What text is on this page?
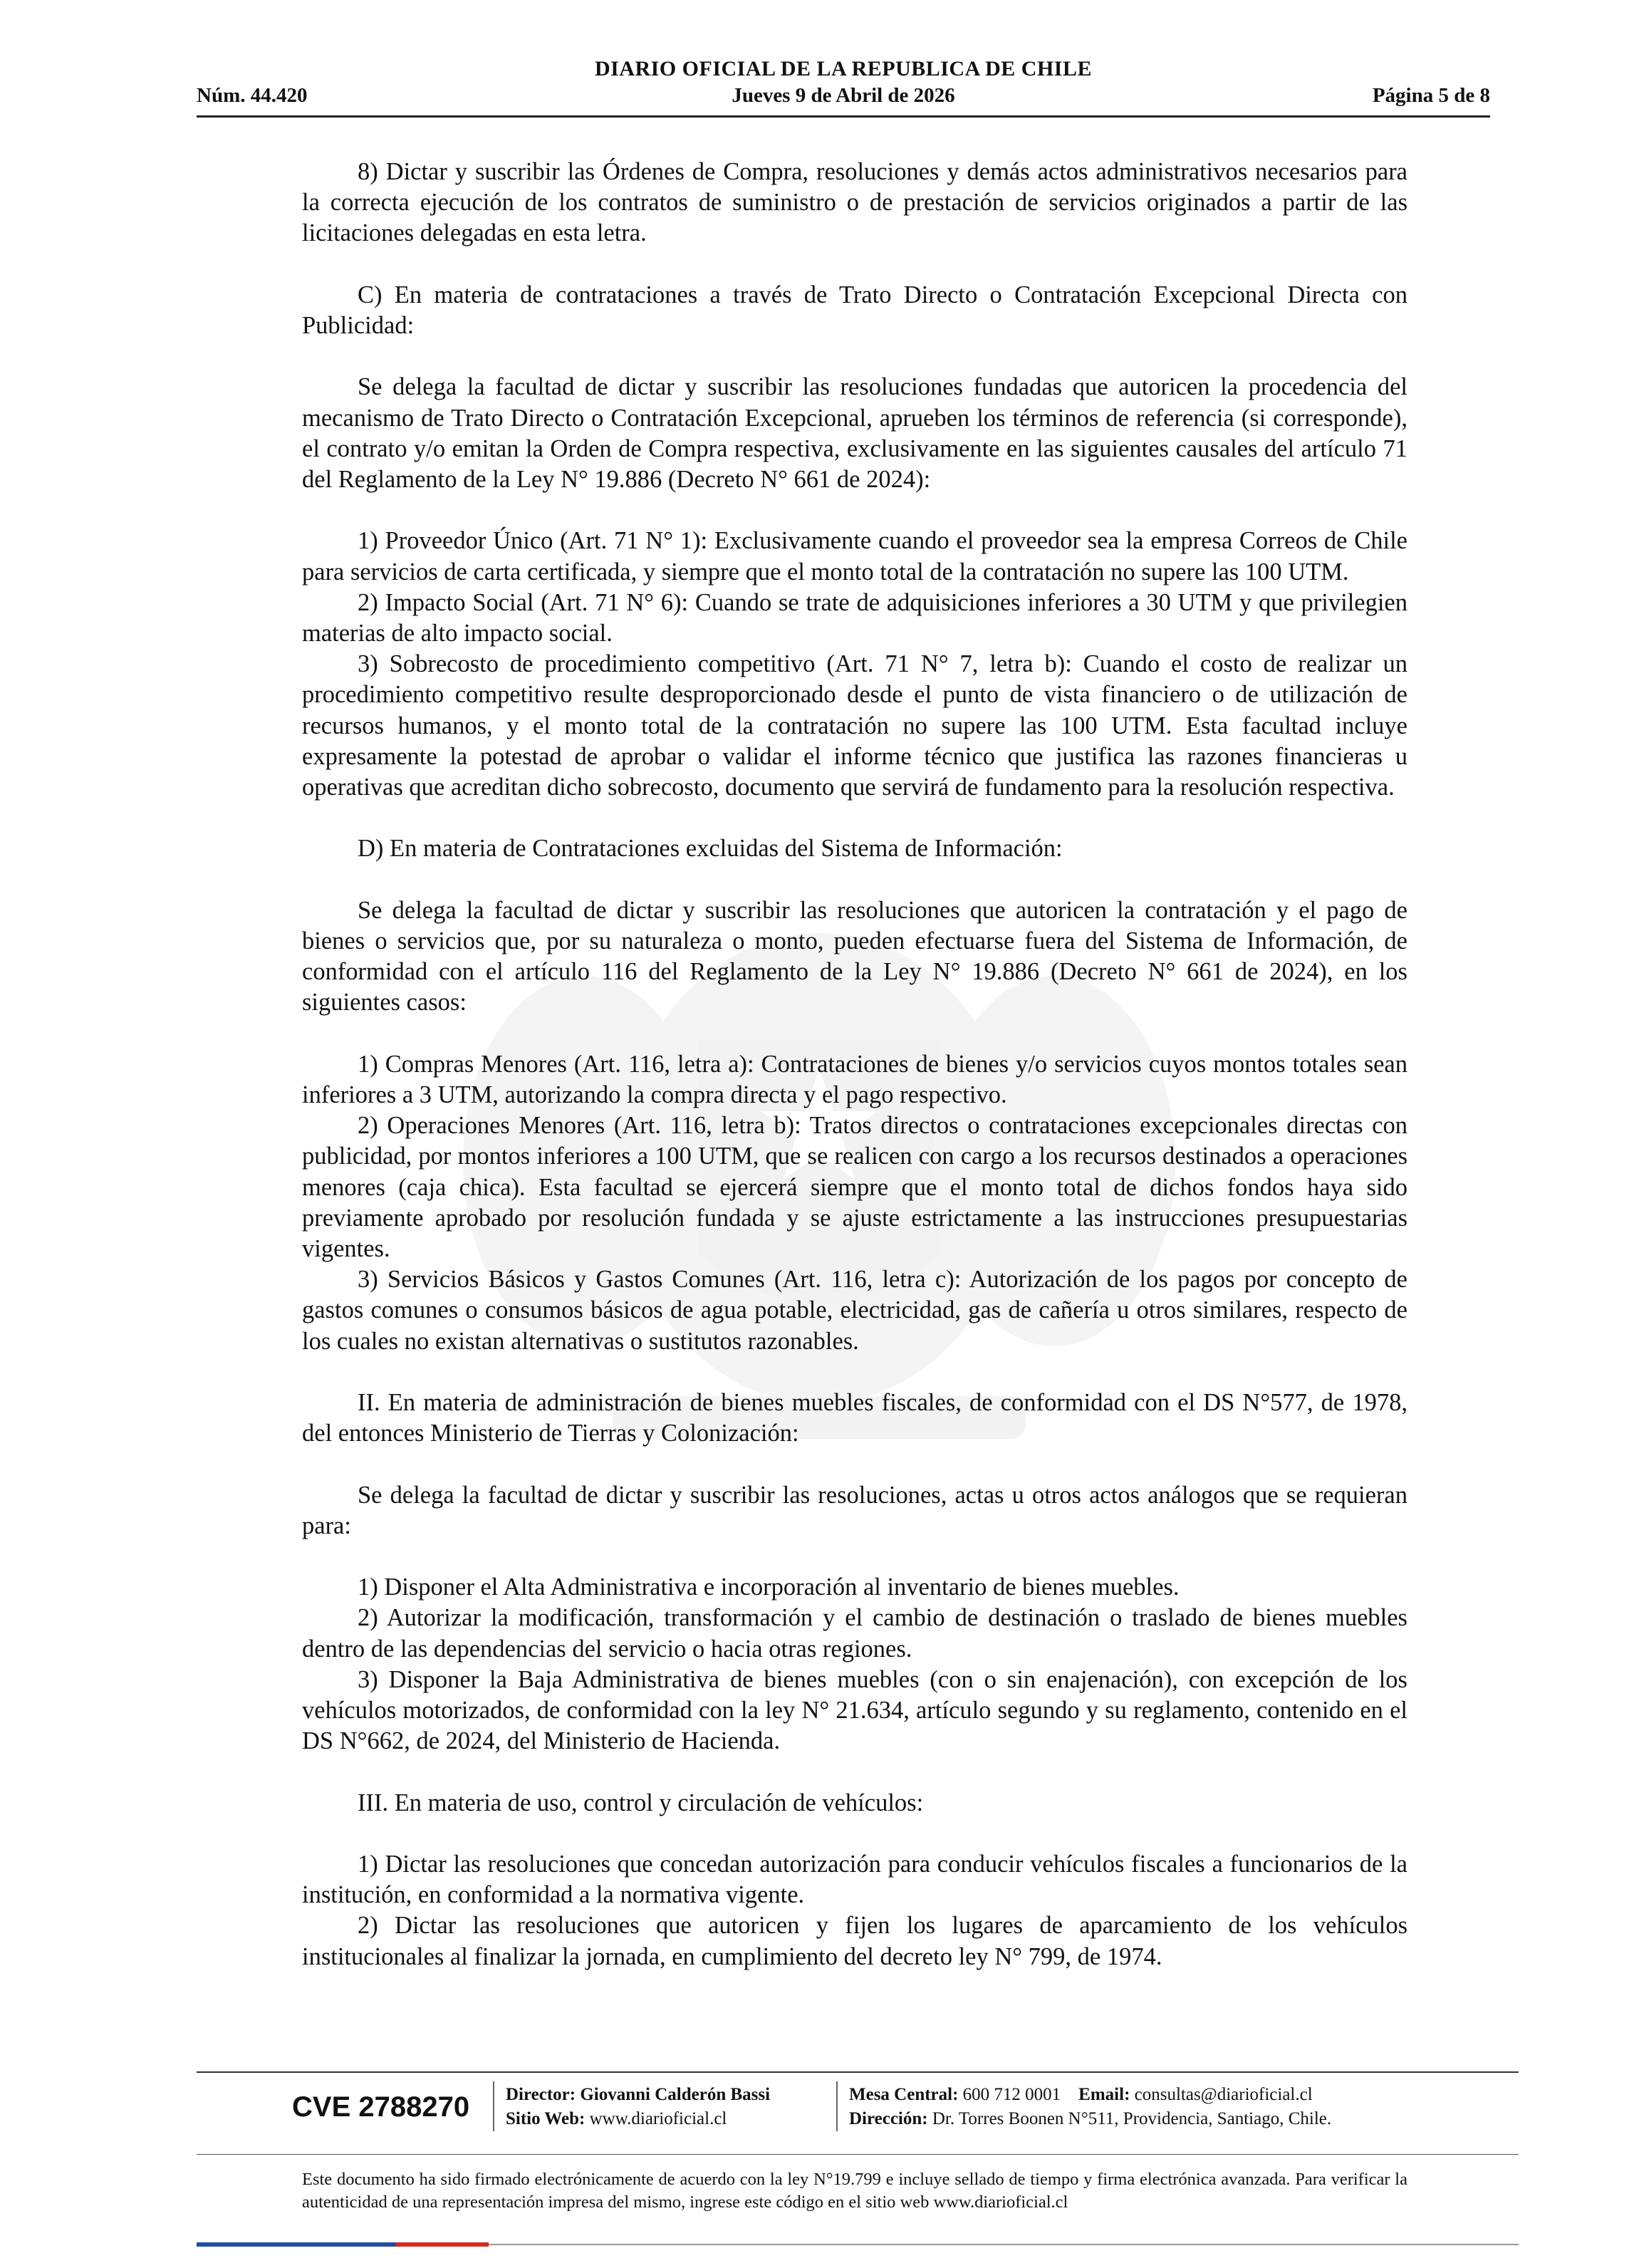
DIARIO OFICIAL DE LA REPUBLICA DE CHILE
Núm. 44.420	Jueves 9 de Abril de 2026	Página 5 de 8

8) Dictar y suscribir las Órdenes de Compra, resoluciones y demás actos administrativos necesarios para la correcta ejecución de los contratos de suministro o de prestación de servicios originados a partir de las licitaciones delegadas en esta letra.

C) En materia de contrataciones a través de Trato Directo o Contratación Excepcional Directa con Publicidad:

Se delega la facultad de dictar y suscribir las resoluciones fundadas que autoricen la procedencia del mecanismo de Trato Directo o Contratación Excepcional, aprueben los términos de referencia (si corresponde), el contrato y/o emitan la Orden de Compra respectiva, exclusivamente en las siguientes causales del artículo 71 del Reglamento de la Ley N° 19.886 (Decreto N° 661 de 2024):

1) Proveedor Único (Art. 71 N° 1): Exclusivamente cuando el proveedor sea la empresa Correos de Chile para servicios de carta certificada, y siempre que el monto total de la contratación no supere las 100 UTM.

2) Impacto Social (Art. 71 N° 6): Cuando se trate de adquisiciones inferiores a 30 UTM y que privilegien materias de alto impacto social.

3) Sobrecosto de procedimiento competitivo (Art. 71 N° 7, letra b): Cuando el costo de realizar un procedimiento competitivo resulte desproporcionado desde el punto de vista financiero o de utilización de recursos humanos, y el monto total de la contratación no supere las 100 UTM. Esta facultad incluye expresamente la potestad de aprobar o validar el informe técnico que justifica las razones financieras u operativas que acreditan dicho sobrecosto, documento que servirá de fundamento para la resolución respectiva.

D) En materia de Contrataciones excluidas del Sistema de Información:

Se delega la facultad de dictar y suscribir las resoluciones que autoricen la contratación y el pago de bienes o servicios que, por su naturaleza o monto, pueden efectuarse fuera del Sistema de Información, de conformidad con el artículo 116 del Reglamento de la Ley N° 19.886 (Decreto N° 661 de 2024), en los siguientes casos:

1) Compras Menores (Art. 116, letra a): Contrataciones de bienes y/o servicios cuyos montos totales sean inferiores a 3 UTM, autorizando la compra directa y el pago respectivo.

2) Operaciones Menores (Art. 116, letra b): Tratos directos o contrataciones excepcionales directas con publicidad, por montos inferiores a 100 UTM, que se realicen con cargo a los recursos destinados a operaciones menores (caja chica). Esta facultad se ejercerá siempre que el monto total de dichos fondos haya sido previamente aprobado por resolución fundada y se ajuste estrictamente a las instrucciones presupuestarias vigentes.

3) Servicios Básicos y Gastos Comunes (Art. 116, letra c): Autorización de los pagos por concepto de gastos comunes o consumos básicos de agua potable, electricidad, gas de cañería u otros similares, respecto de los cuales no existan alternativas o sustitutos razonables.

II. En materia de administración de bienes muebles fiscales, de conformidad con el DS N°577, de 1978, del entonces Ministerio de Tierras y Colonización:

Se delega la facultad de dictar y suscribir las resoluciones, actas u otros actos análogos que se requieran para:

1) Disponer el Alta Administrativa e incorporación al inventario de bienes muebles.

2) Autorizar la modificación, transformación y el cambio de destinación o traslado de bienes muebles dentro de las dependencias del servicio o hacia otras regiones.

3) Disponer la Baja Administrativa de bienes muebles (con o sin enajenación), con excepción de los vehículos motorizados, de conformidad con la ley N° 21.634, artículo segundo y su reglamento, contenido en el DS N°662, de 2024, del Ministerio de Hacienda.

III. En materia de uso, control y circulación de vehículos:

1) Dictar las resoluciones que concedan autorización para conducir vehículos fiscales a funcionarios de la institución, en conformidad a la normativa vigente.

2) Dictar las resoluciones que autoricen y fijen los lugares de aparcamiento de los vehículos institucionales al finalizar la jornada, en cumplimiento del decreto ley N° 799, de 1974.

CVE 2788270 Director: Giovanni Calderón Bassi
Sitio Web: www.diarioficial.cl
Mesa Central: 600 712 0001 Email: consultas@diarioficial.cl
Dirección: Dr. Torres Boonen N°511, Providencia, Santiago, Chile.
Este documento ha sido firmado electrónicamente de acuerdo con la ley N°19.799 e incluye sellado de tiempo y firma electrónica avanzada. Para verificar la autenticidad de una representación impresa del mismo, ingrese este código en el sitio web www.diarioficial.cl
